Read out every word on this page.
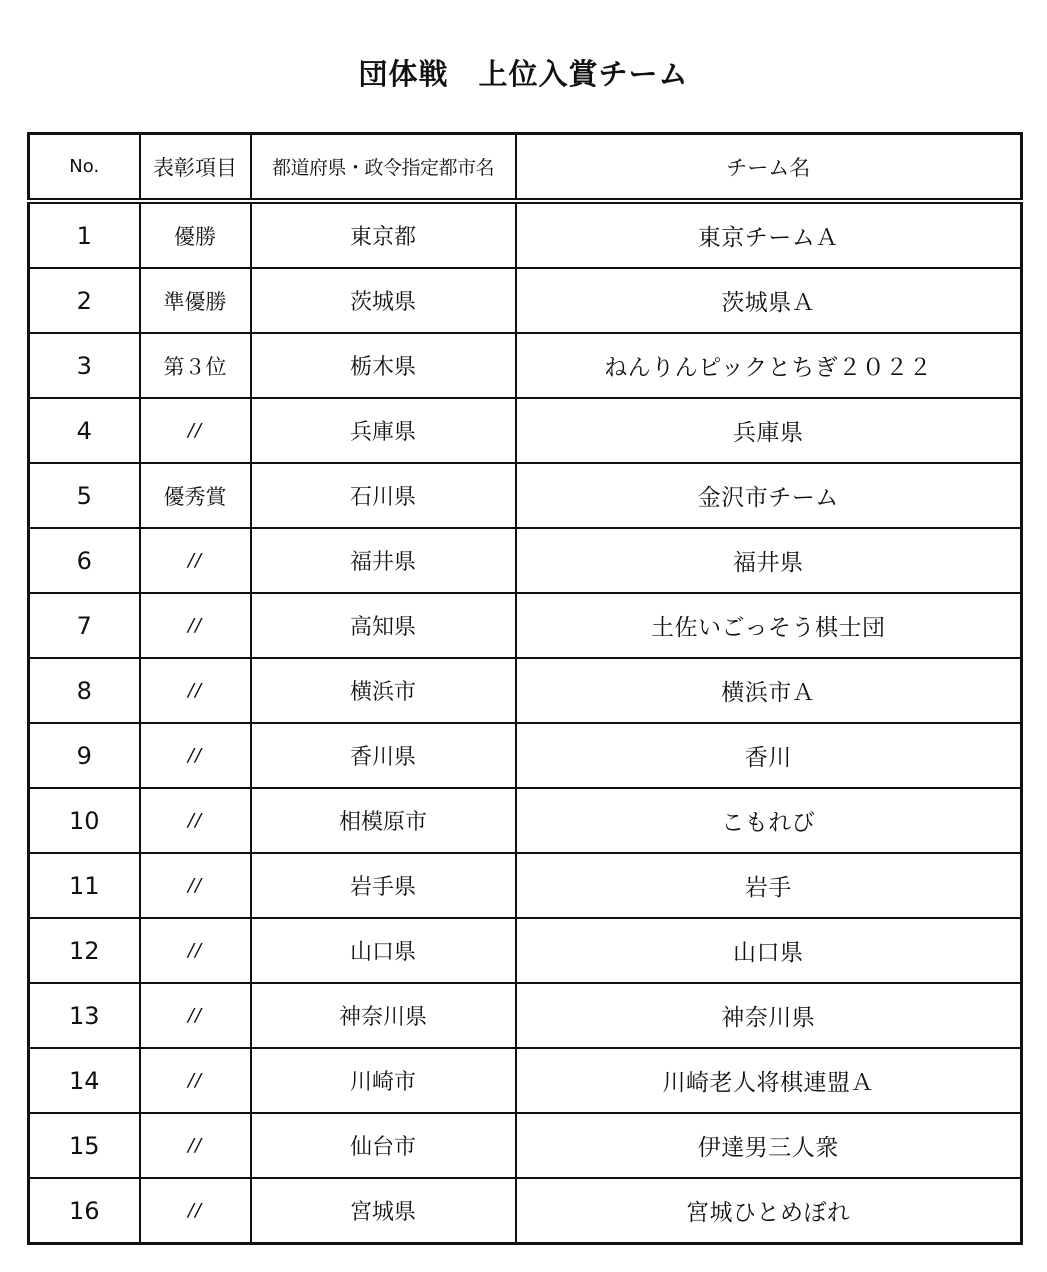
団体戦　上位入賞チーム
No.	表彰項目	都道府県・政令指定都市名	チーム名
1	優勝	東京都	東京チームＡ
2	準優勝	茨城県	茨城県Ａ
3	第３位	栃木県	ねんりんピックとちぎ２０２２
4	//	兵庫県	兵庫県
5	優秀賞	石川県	金沢市チーム
6	//	福井県	福井県
7	//	高知県	土佐いごっそう棋士団
8	//	横浜市	横浜市Ａ
9	//	香川県	香川
10	//	相模原市	こもれび
11	//	岩手県	岩手
12	//	山口県	山口県
13	//	神奈川県	神奈川県
14	//	川崎市	川崎老人将棋連盟Ａ
15	//	仙台市	伊達男三人衆
16	//	宮城県	宮城ひとめぼれ
